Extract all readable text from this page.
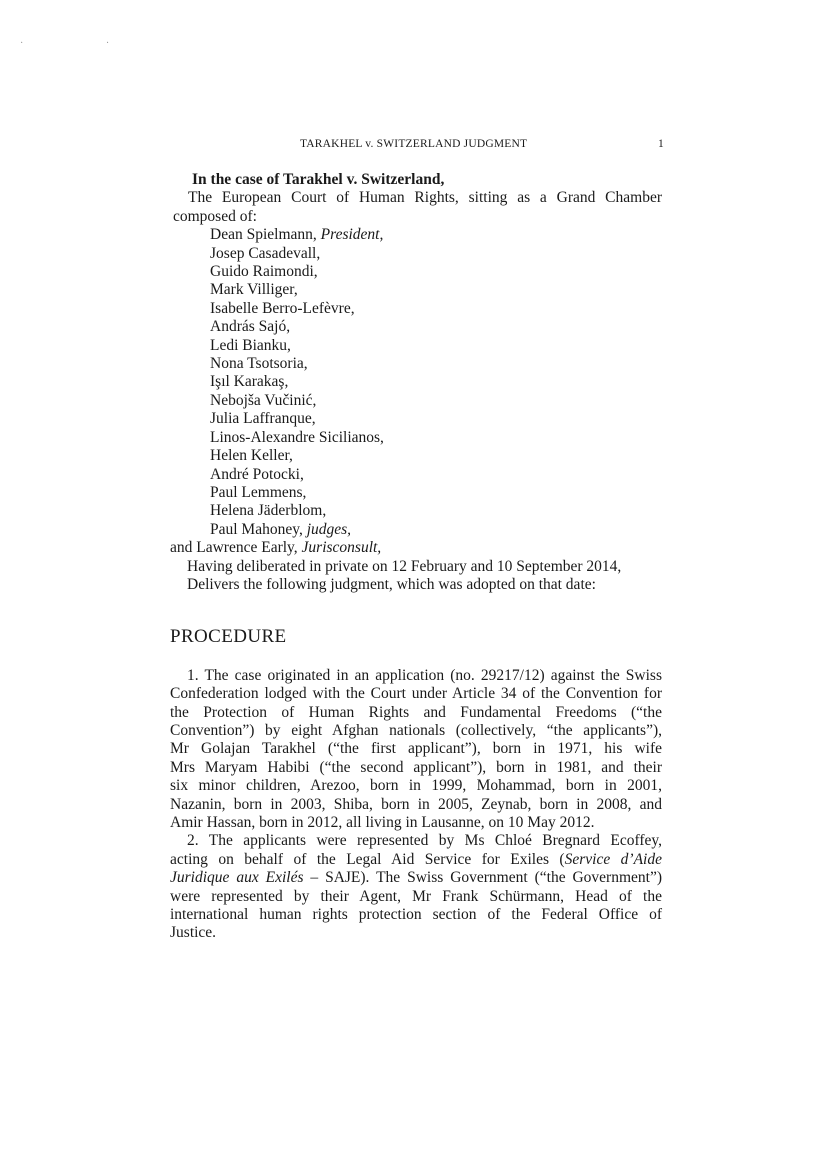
· ·
TARAKHEL v. SWITZERLAND JUDGMENT	1
In the case of Tarakhel v. Switzerland,
The European Court of Human Rights, sitting as a Grand Chamber
composed of:
Dean Spielmann, President,
Josep Casadevall,
Guido Raimondi,
Mark Villiger,
Isabelle Berro-Lefèvre,
András Sajó,
Ledi Bianku,
Nona Tsotsoria,
Işıl Karakaş,
Nebojša Vučinić,
Julia Laffranque,
Linos-Alexandre Sicilianos,
Helen Keller,
André Potocki,
Paul Lemmens,
Helena Jäderblom,
Paul Mahoney, judges,
and Lawrence Early, Jurisconsult,
Having deliberated in private on 12 February and 10 September 2014,
Delivers the following judgment, which was adopted on that date:
PROCEDURE
1. The case originated in an application (no. 29217/12) against the Swiss
Confederation lodged with the Court under Article 34 of the Convention for
the Protection of Human Rights and Fundamental Freedoms (“the
Convention”) by eight Afghan nationals (collectively, “the applicants”),
Mr Golajan Tarakhel (“the first applicant”), born in 1971, his wife
Mrs Maryam Habibi (“the second applicant”), born in 1981, and their
six minor children, Arezoo, born in 1999, Mohammad, born in 2001,
Nazanin, born in 2003, Shiba, born in 2005, Zeynab, born in 2008, and
Amir Hassan, born in 2012, all living in Lausanne, on 10 May 2012.
2. The applicants were represented by Ms Chloé Bregnard Ecoffey,
acting on behalf of the Legal Aid Service for Exiles (Service d’Aide
Juridique aux Exilés – SAJE). The Swiss Government (“the Government”)
were represented by their Agent, Mr Frank Schürmann, Head of the
international human rights protection section of the Federal Office of
Justice.
